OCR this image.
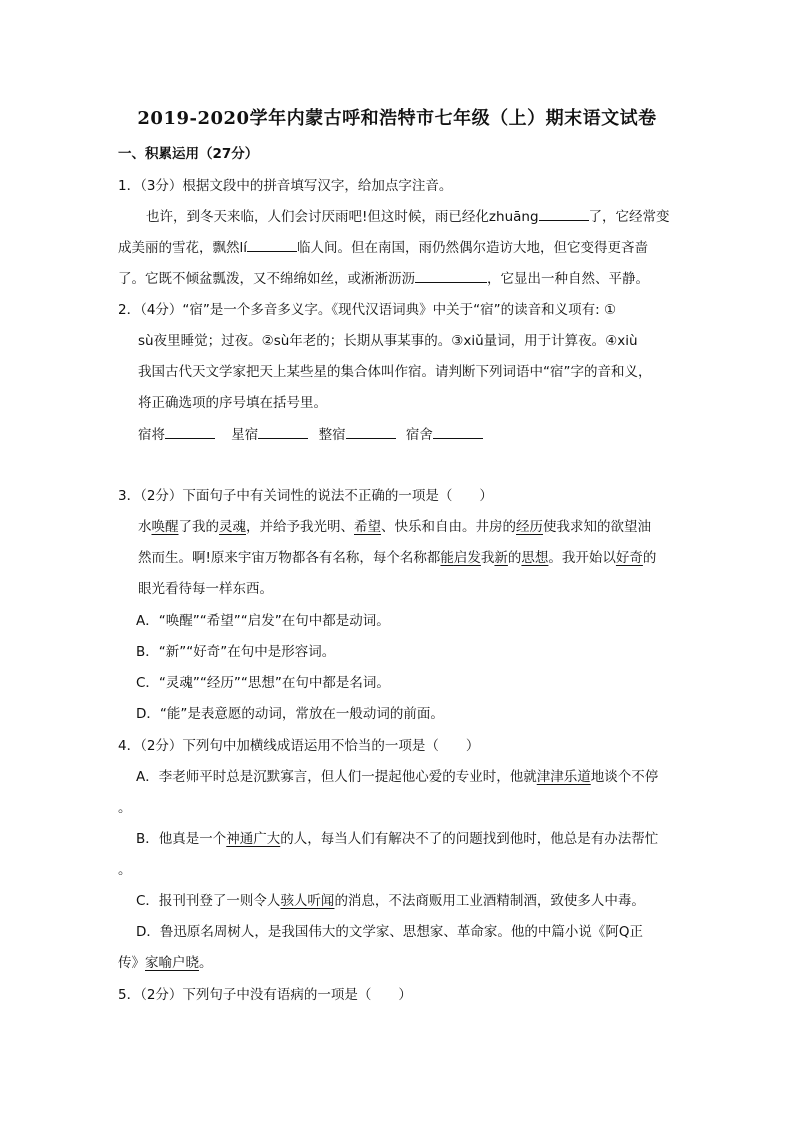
2019-2020学年内蒙古呼和浩特市七年级（上）期末语文试卷
一、积累运用（27分）
1．（3分）根据文段中的拼音填写汉字，给加点字注音。
也许，到冬天来临，人们会讨厌雨吧!但这时候，雨已经化zhuāng	了，它经常变
成美丽的雪花，飘然lí	临人间。但在南国，雨仍然偶尔造访大地，但它变得更吝啬
了。它既不倾盆瓢泼，又不绵绵如丝，或淅淅沥沥	，它显出一种自然、平静。
2．（4分）“宿”是一个多音多义字。《现代汉语词典》中关于“宿”的读音和义项有: ①
sù夜里睡觉；过夜。②sù年老的；长期从事某事的。③xiǔ量词，用于计算夜。④xiù
我国古代天文学家把天上某些星的集合体叫作宿。请判断下列词语中“宿”字的音和义，
将正确选项的序号填在括号里。
宿将	星宿	整宿	宿舍
3．（2分）下面句子中有关词性的说法不正确的一项是（　　）
水唤醒了我的灵魂，并给予我光明、希望、快乐和自由。井房的经历使我求知的欲望油
然而生。啊!原来宇宙万物都各有名称，每个名称都能启发我新的思想。我开始以好奇的
眼光看待每一样东西。
A．“唤醒”“希望”“启发”在句中都是动词。
B．“新”“好奇”在句中是形容词。
C．“灵魂”“经历”“思想”在句中都是名词。
D．“能”是表意愿的动词，常放在一般动词的前面。
4．（2分）下列句中加横线成语运用不恰当的一项是（　　）
A．李老师平时总是沉默寡言，但人们一提起他心爱的专业时，他就津津乐道地谈个不停
。
B．他真是一个神通广大的人，每当人们有解决不了的问题找到他时，他总是有办法帮忙
。
C．报刊刊登了一则令人骇人听闻的消息，不法商贩用工业酒精制酒，致使多人中毒。
D．鲁迅原名周树人，是我国伟大的文学家、思想家、革命家。他的中篇小说《阿Q正
传》家喻户晓。
5．（2分）下列句子中没有语病的一项是（　　）
